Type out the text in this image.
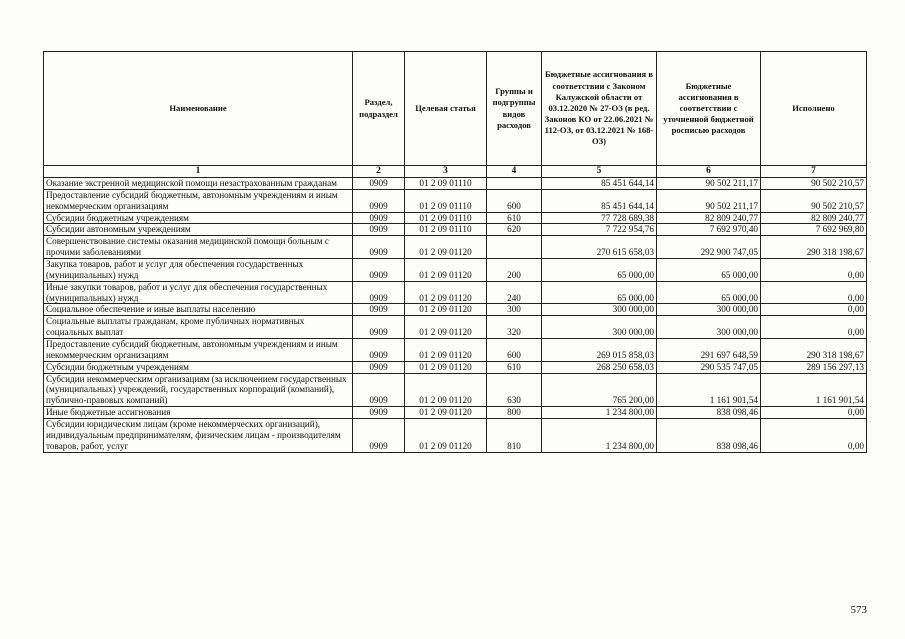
Наименование	Раздел, подраздел	Целевая статья	Группы и подгруппы видов расходов	Бюджетные ассигнования в соответствии с Законом Калужской области от 03.12.2020 № 27-ОЗ (в ред. Законов КО от 22.06.2021 № 112-ОЗ, от 03.12.2021 № 168-ОЗ)	Бюджетные ассигнования в соответствии с уточненной бюджетной росписью расходов	Исполнено
1	2	3	4	5	6	7
Оказание экстренной медицинской помощи незастрахованным гражданам	0909	01 2 09 01110		85 451 644,14	90 502 211,17	90 502 210,57
Предоставление субсидий бюджетным, автономным учреждениям и иным некоммерческим организациям	0909	01 2 09 01110	600	85 451 644,14	90 502 211,17	90 502 210,57
Субсидии бюджетным учреждениям	0909	01 2 09 01110	610	77 728 689,38	82 809 240,77	82 809 240,77
Субсидии автономным учреждениям	0909	01 2 09 01110	620	7 722 954,76	7 692 970,40	7 692 969,80
Совершенствование системы оказания медицинской помощи больным с прочими заболеваниями	0909	01 2 09 01120		270 615 658,03	292 900 747,05	290 318 198,67
Закупка товаров, работ и услуг для обеспечения государственных (муниципальных) нужд	0909	01 2 09 01120	200	65 000,00	65 000,00	0,00
Иные закупки товаров, работ и услуг для обеспечения государственных (муниципальных) нужд	0909	01 2 09 01120	240	65 000,00	65 000,00	0,00
Социальное обеспечение и иные выплаты населению	0909	01 2 09 01120	300	300 000,00	300 000,00	0,00
Социальные выплаты гражданам, кроме публичных нормативных социальных выплат	0909	01 2 09 01120	320	300 000,00	300 000,00	0,00
Предоставление субсидий бюджетным, автономным учреждениям и иным некоммерческим организациям	0909	01 2 09 01120	600	269 015 858,03	291 697 648,59	290 318 198,67
Субсидии бюджетным учреждениям	0909	01 2 09 01120	610	268 250 658,03	290 535 747,05	289 156 297,13
Субсидии некоммерческим организациям (за исключением государственных (муниципальных) учреждений, государственных корпораций (компаний), публично-правовых компаний)	0909	01 2 09 01120	630	765 200,00	1 161 901,54	1 161 901,54
Иные бюджетные ассигнования	0909	01 2 09 01120	800	1 234 800,00	838 098,46	0,00
Субсидии юридическим лицам (кроме некоммерческих организаций), индивидуальным предпринимателям, физическим лицам - производителям товаров, работ, услуг	0909	01 2 09 01120	810	1 234 800,00	838 098,46	0,00
573
